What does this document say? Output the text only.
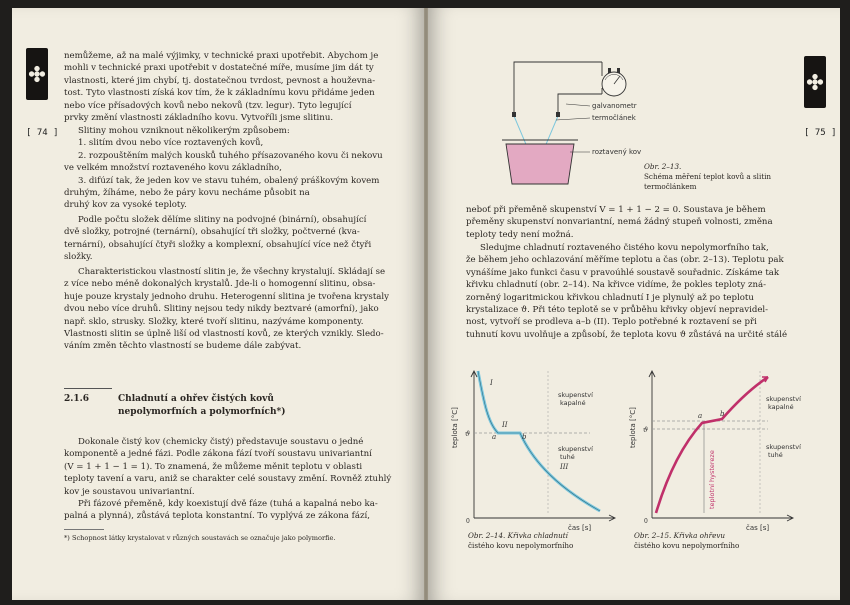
[ 74 ]

nemůžeme, až na malé výjimky, v technické praxi upotřebit. Abychom je

mohli v technické praxi upotřebit v dostatečné míře, musíme jim dát ty

vlastnosti, které jim chybí, tj. dostatečnou tvrdost, pevnost a houževna-

tost. Tyto vlastnosti získá kov tím, že k základnímu kovu přidáme jeden

nebo více přísadových kovů nebo nekovů (tzv. legur). Tyto legující

prvky změní vlastnosti základního kovu. Vytvoříli jsme slitinu.

Slitiny mohou vzniknout několikerým způsobem:

1. slitím dvou nebo více roztavených kovů,

2. rozpouštěním malých kousků tuhého přísazovaného kovu či nekovu

ve velkém množství roztaveného kovu základního,

3. difúzí tak, že jeden kov ve stavu tuhém, obalený práškovým kovem

druhým, žíháme, nebo že páry kovu necháme působit na

druhý kov za vysoké teploty.

Podle počtu složek dělíme slitiny na podvojné (binární), obsahující

dvě složky, potrojné (ternární), obsahující tři složky, počtverné (kva-

ternární), obsahující čtyři složky a komplexní, obsahující více než čtyři

složky.

Charakteristickou vlastností slitin je, že všechny krystalují. Skládají se

z více nebo méně dokonalých krystalů. Jde-li o homogenní slitinu, obsa-

huje pouze krystaly jednoho druhu. Heterogenní slitina je tvořena krystaly

dvou nebo více druhů. Slitiny nejsou tedy nikdy beztvaré (amorfní), jako

např. sklo, strusky. Složky, které tvoří slitinu, nazýváme komponenty.

Vlastnosti slitin se úplně liší od vlastností kovů, ze kterých vznikly. Sledo-

váním změn těchto vlastností se budeme dále zabývat.

2.1.6	Chladnutí a ohřev čistých kovů
nepolymorfních a polymorfních*)

Dokonale čistý kov (chemicky čistý) představuje soustavu o jedné

komponentě a jedné fázi. Podle zákona fází tvoří soustavu univariantní

(V = 1 + 1 − 1 = 1). To znamená, že můžeme měnit teplotu v oblasti

teploty tavení a varu, aniž se charakter celé soustavy změní. Rovněž ztuhlý

kov je soustavou univariantní.

Při fázové přeměně, kdy koexistují dvě fáze (tuhá a kapalná nebo ka-

palná a plynná), zůstává teplota konstantní. To vyplývá ze zákona fází,

*) Schopnost látky krystalovat v různých soustavách se označuje jako polymorfie.
[ 75 ]
galvanometr
termočlánek
roztavený kov
Obr. 2–13.
Schéma měření teplot kovů a slitin
termočlánkem

neboť při přeměně skupenství V = 1 + 1 − 2 = 0. Soustava je během

přeměny skupenství nonvariantní, nemá žádný stupeň volnosti, změna

teploty tedy není možná.

Sledujme chladnutí roztaveného čistého kovu nepolymorfního tak,

že během jeho ochlazování měříme teplotu a čas (obr. 2–13). Teplotu pak

vynášíme jako funkci času v pravoúhlé soustavě souřadnic. Získáme tak

křivku chladnutí (obr. 2–14). Na křivce vidíme, že pokles teploty zná-

zorněný logaritmickou křivkou chladnutí I je plynulý až po teplotu

krystalizace ϑ. Při této teplotě se v průběhu křivky objeví nepravidel-

nost, vytvoří se prodleva a–b (II). Teplo potřebné k roztavení se při

tuhnutí kovu uvolňuje a způsobí, že teplota kovu ϑ zůstává na určité stálé

teplota [°C]
čas [s]
ϑ
0
I
II
III
a	b
skupenství
kapalné
skupenství
tuhé
Obr. 2–14. Křivka chladnutí
čistého kovu nepolymorfního
teplota [°C]
čas [s]
ϑ
0
a	b
teplotní hystereze
skupenství
kapalné
skupenství
tuhé
Obr. 2–15. Křivka ohřevu
čistého kovu nepolymorfního
